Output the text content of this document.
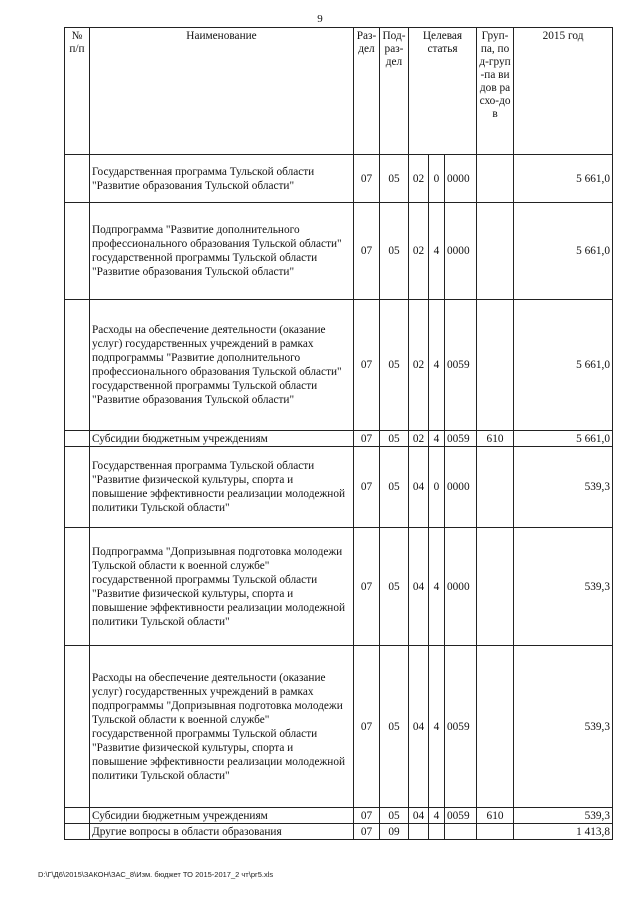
9
№ п/п	Наименование	Раз-дел	Под-раз-дел	Целевая статья			Груп-па, под-груп-па видов расхо-дов	2015 год
	Государственная программа Тульской области "Развитие образования Тульской области"	07	05	02	0	0000		5 661,0
	Подпрограмма "Развитие дополнительного профессионального образования Тульской области" государственной программы Тульской области "Развитие образования Тульской области"	07	05	02	4	0000		5 661,0
	Расходы на обеспечение деятельности (оказание услуг) государственных учреждений в рамках подпрограммы "Развитие дополнительного профессионального образования Тульской области" государственной программы Тульской области "Развитие образования Тульской области"	07	05	02	4	0059		5 661,0
	Субсидии бюджетным учреждениям	07	05	02	4	0059	610	5 661,0
	Государственная программа Тульской области "Развитие физической культуры, спорта и повышение эффективности реализации молодежной политики Тульской области"	07	05	04	0	0000		539,3
	Подпрограмма "Допризывная подготовка молодежи Тульской области к военной службе" государственной программы Тульской области "Развитие физической культуры, спорта и повышение эффективности реализации молодежной политики Тульской области"	07	05	04	4	0000		539,3
	Расходы на обеспечение деятельности (оказание услуг) государственных учреждений в рамках подпрограммы "Допризывная подготовка молодежи Тульской области к военной службе" государственной программы Тульской области "Развитие физической культуры, спорта и повышение эффективности реализации молодежной политики Тульской области"	07	05	04	4	0059		539,3
	Субсидии бюджетным учреждениям	07	05	04	4	0059	610	539,3
	Другие вопросы в области образования	07	09					1 413,8
D:\Г\Д6\2015\ЗАКОН\ЗАС_8\Изм. бюджет ТО 2015-2017_2 чт\рг5.xls
